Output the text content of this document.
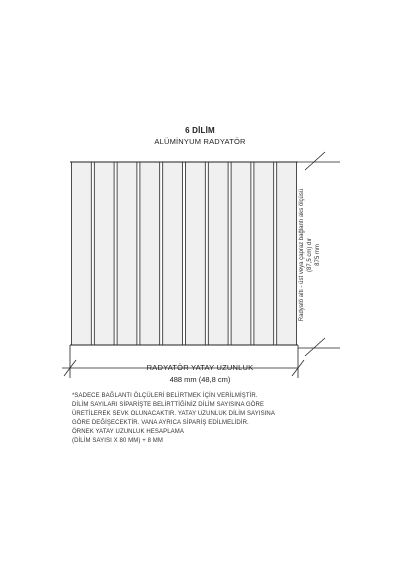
6 DİLİM
ALÜMİNYUM RADYATÖR
Radyatö altı - üst veya çapraz bağlantı aks ölçüsü (87,5 cm) dır 875 mm
RADYATÖR YATAY UZUNLUK
488 mm (48,8 cm)
*SADECE BAĞLANTI ÖLÇÜLERİ BELİRTMEK İÇİN VERİLMİŞTİR.
DİLİM SAYILARI SİPARİŞTE BELİRTTİĞİNİZ DİLİM SAYISINA GÖRE
ÜRETİLEREK SEVK OLUNACAKTIR. YATAY UZUNLUK DİLİM SAYISINA
GÖRE DEĞİŞECEKTİR. VANA AYRICA SİPARİŞ EDİLMELİDİR.
ÖRNEK YATAY UZUNLUK HESAPLAMA
(DİLİM SAYISI X 80 MM) + 8 MM
